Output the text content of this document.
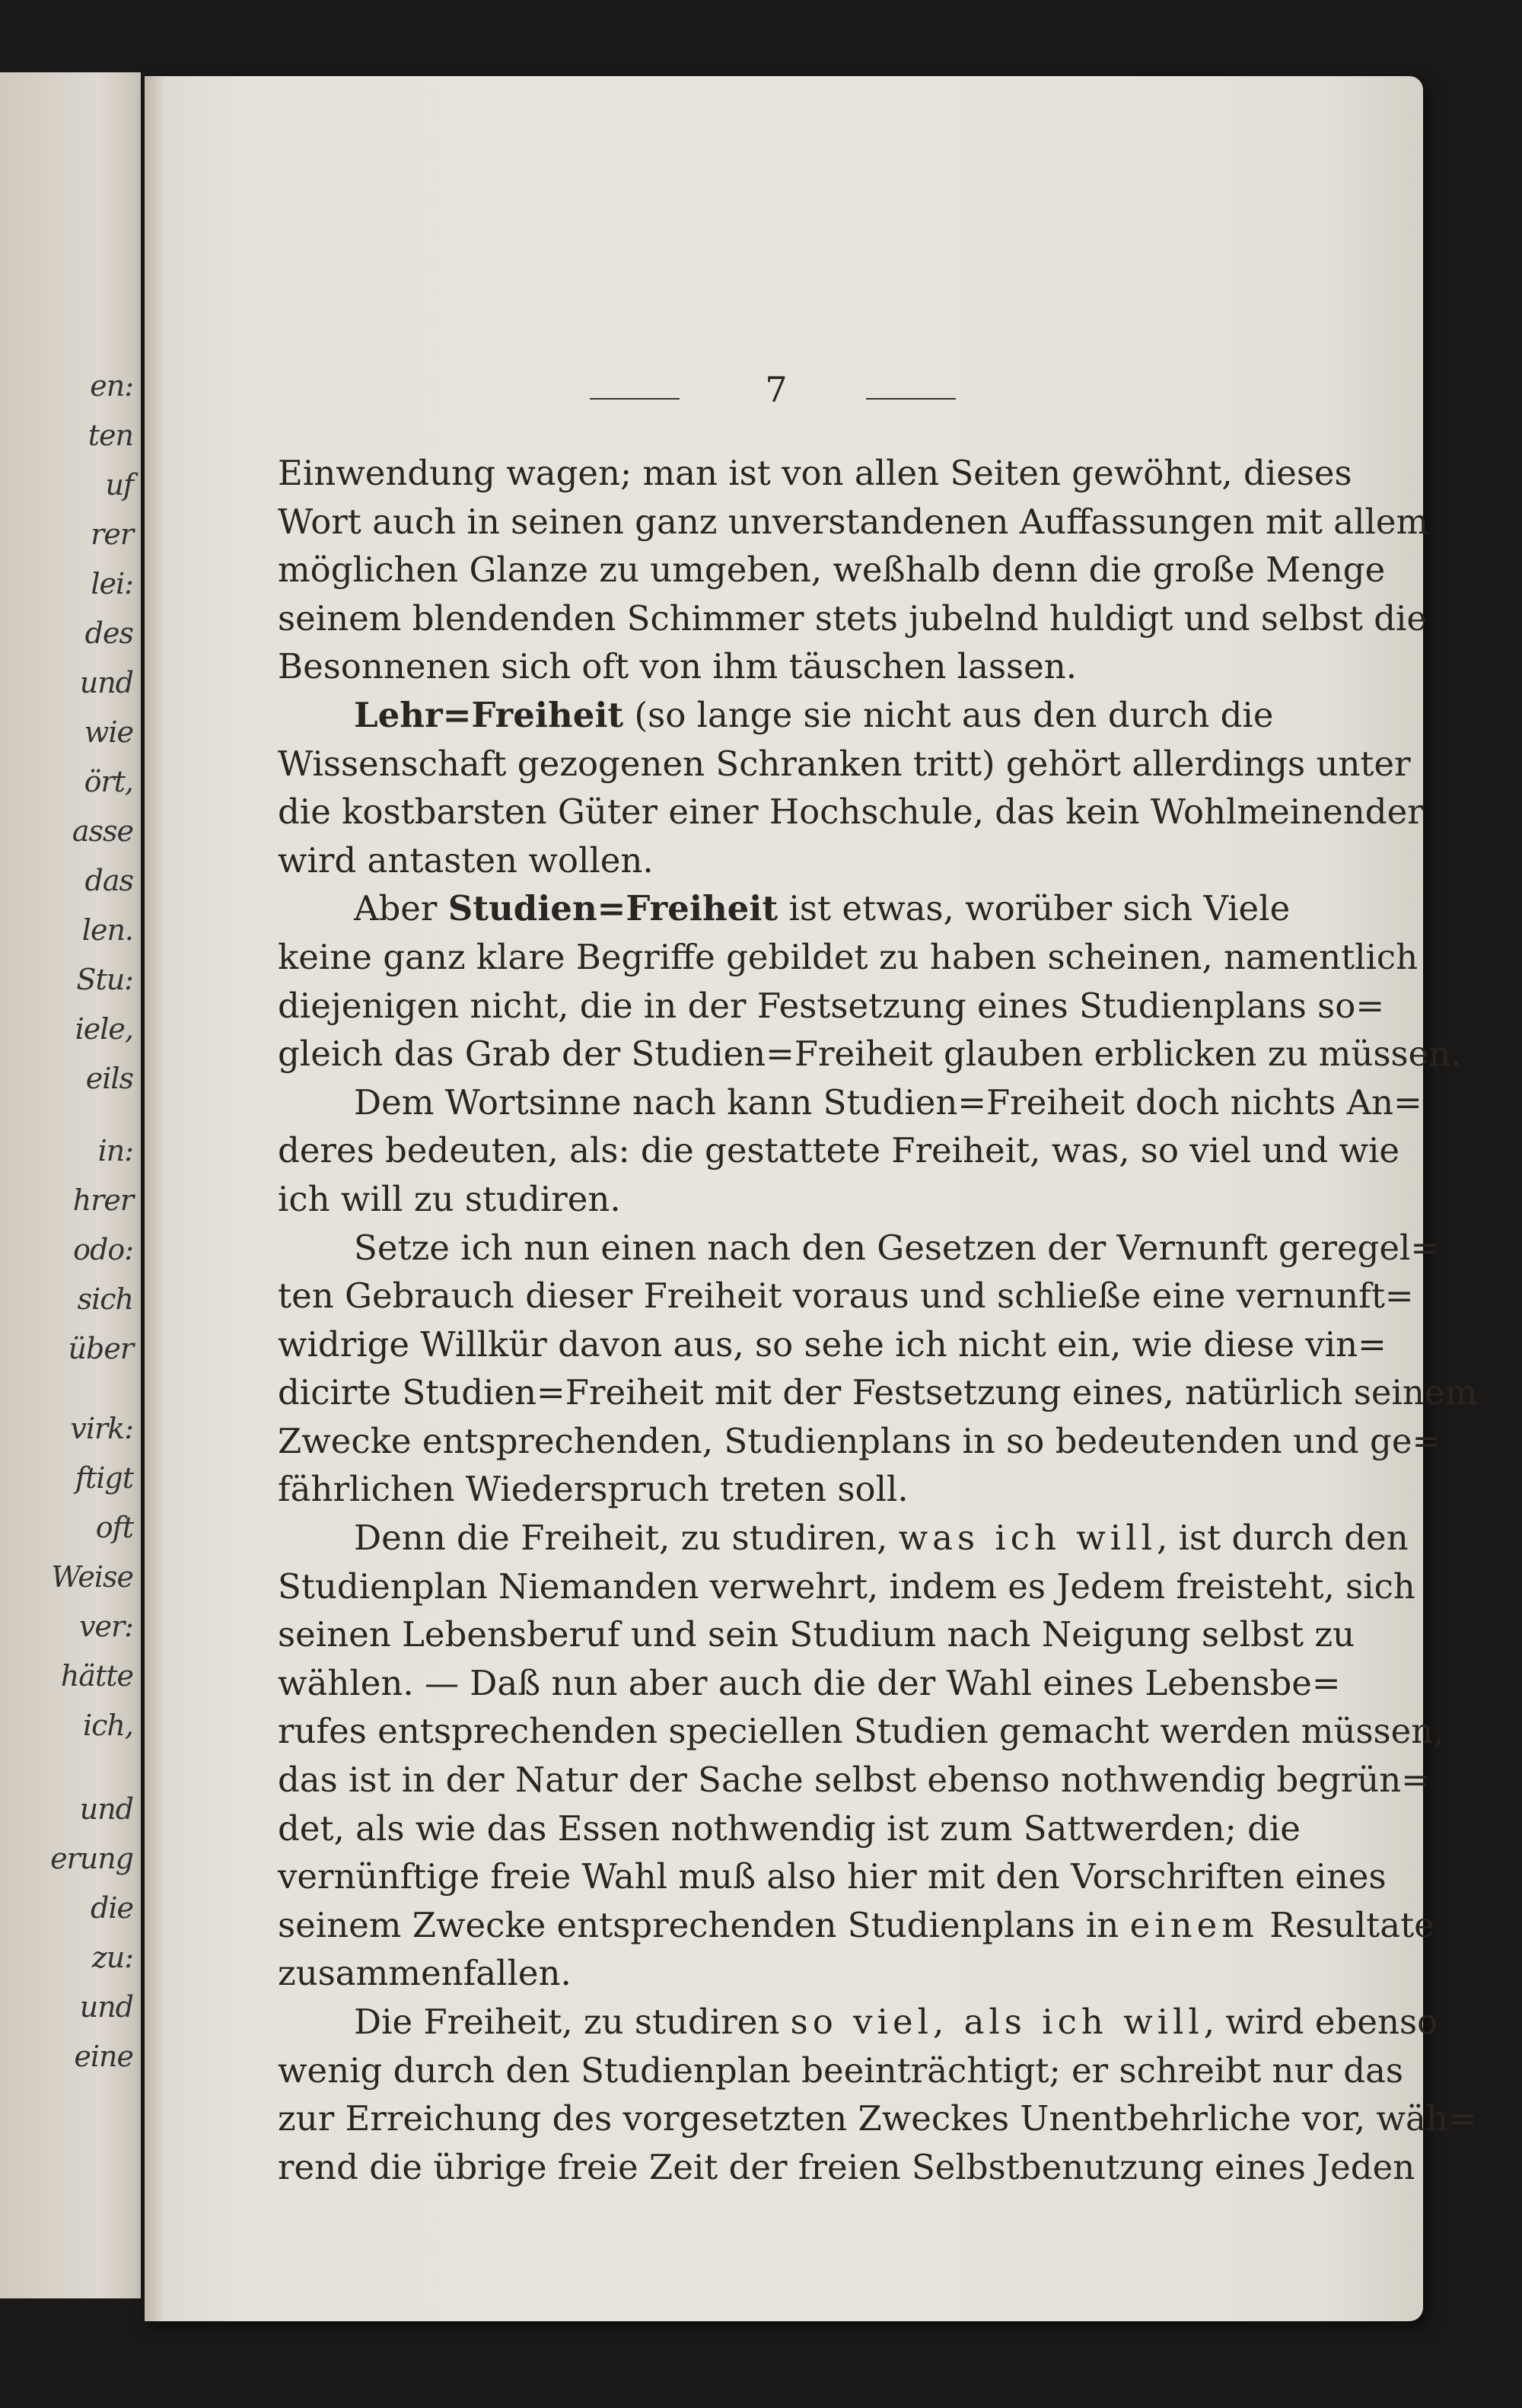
en:
ten
uf
rer
lei:
des
und
wie
ört,
asse
das
len.
Stu:
iele,
eils
in:
hrer
odo:
sich
über
virk:
ftigt
oft
Weise
ver:
hätte
ich,
und
erung
die
zu:
und
eine
7
Einwendung wagen; man ist von allen Seiten gewöhnt, dieses
Wort auch in seinen ganz unverstandenen Auffassungen mit allem
möglichen Glanze zu umgeben, weßhalb denn die große Menge
seinem blendenden Schimmer stets jubelnd huldigt und selbst die
Besonnenen sich oft von ihm täuschen lassen.
Lehr=Freiheit (so lange sie nicht aus den durch die
Wissenschaft gezogenen Schranken tritt) gehört allerdings unter
die kostbarsten Güter einer Hochschule, das kein Wohlmeinender
wird antasten wollen.
Aber Studien=Freiheit ist etwas, worüber sich Viele
keine ganz klare Begriffe gebildet zu haben scheinen, namentlich
diejenigen nicht, die in der Festsetzung eines Studienplans so=
gleich das Grab der Studien=Freiheit glauben erblicken zu müssen.
Dem Wortsinne nach kann Studien=Freiheit doch nichts An=
deres bedeuten, als: die gestattete Freiheit, was, so viel und wie
ich will zu studiren.
Setze ich nun einen nach den Gesetzen der Vernunft geregel=
ten Gebrauch dieser Freiheit voraus und schließe eine vernunft=
widrige Willkür davon aus, so sehe ich nicht ein, wie diese vin=
dicirte Studien=Freiheit mit der Festsetzung eines, natürlich seinem
Zwecke entsprechenden, Studienplans in so bedeutenden und ge=
fährlichen Wiederspruch treten soll.
Denn die Freiheit, zu studiren, was ich will, ist durch den
Studienplan Niemanden verwehrt, indem es Jedem freisteht, sich
seinen Lebensberuf und sein Studium nach Neigung selbst zu
wählen. — Daß nun aber auch die der Wahl eines Lebensbe=
rufes entsprechenden speciellen Studien gemacht werden müssen,
das ist in der Natur der Sache selbst ebenso nothwendig begrün=
det, als wie das Essen nothwendig ist zum Sattwerden; die
vernünftige freie Wahl muß also hier mit den Vorschriften eines
seinem Zwecke entsprechenden Studienplans in einem Resultate
zusammenfallen.
Die Freiheit, zu studiren so viel, als ich will, wird ebenso
wenig durch den Studienplan beeinträchtigt; er schreibt nur das
zur Erreichung des vorgesetzten Zweckes Unentbehrliche vor, wäh=
rend die übrige freie Zeit der freien Selbstbenutzung eines Jeden
